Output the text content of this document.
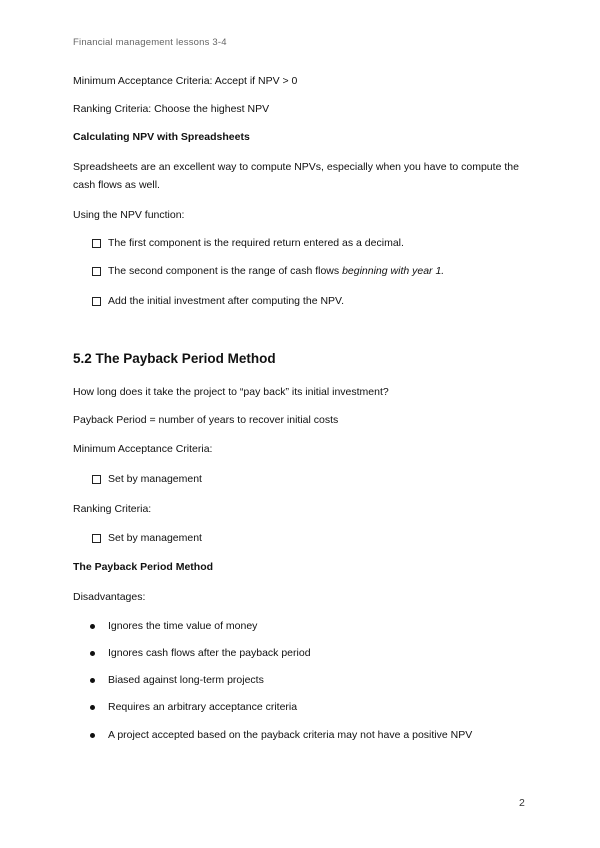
Financial management lessons 3-4
Minimum Acceptance Criteria: Accept if NPV > 0
Ranking Criteria: Choose the highest NPV
Calculating NPV with Spreadsheets
Spreadsheets are an excellent way to compute NPVs, especially when you have to compute the cash flows as well.
Using the NPV function:
The first component is the required return entered as a decimal.
The second component is the range of cash flows beginning with year 1.
Add the initial investment after computing the NPV.
5.2 The Payback Period Method
How long does it take the project to “pay back” its initial investment?
Payback Period = number of years to recover initial costs
Minimum Acceptance Criteria:
Set by management
Ranking Criteria:
Set by management
The Payback Period Method
Disadvantages:
Ignores the time value of money
Ignores cash flows after the payback period
Biased against long-term projects
Requires an arbitrary acceptance criteria
A project accepted based on the payback criteria may not have a positive NPV
2
